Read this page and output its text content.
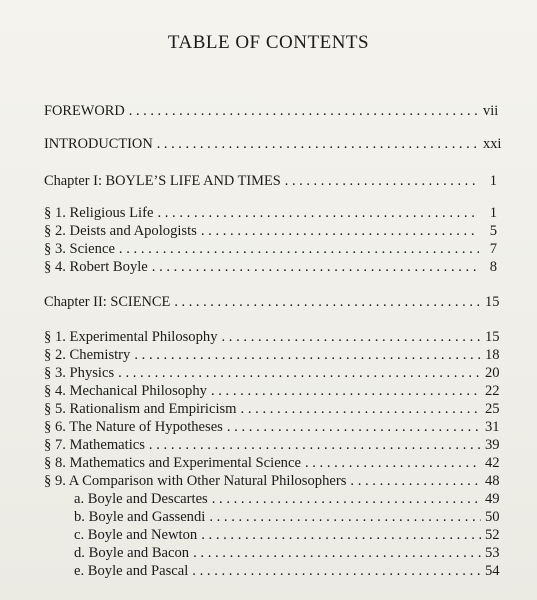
TABLE OF CONTENTS
FOREWORD . . .	vii
INTRODUCTION . . .	xxi
Chapter I: BOYLE’S LIFE AND TIMES . . .	1
§ 1. Religious Life . . .	1
§ 2. Deists and Apologists . . .	5
§ 3. Science . . .	7
§ 4. Robert Boyle . . .	8
Chapter II: SCIENCE . . .	15
§ 1. Experimental Philosophy . . .	15
§ 2. Chemistry . . .	18
§ 3. Physics . . .	20
§ 4. Mechanical Philosophy . . .	22
§ 5. Rationalism and Empiricism . . .	25
§ 6. The Nature of Hypotheses . . .	31
§ 7. Mathematics . . .	39
§ 8. Mathematics and Experimental Science . . .	42
§ 9. A Comparison with Other Natural Philosophers . . .	48
a. Boyle and Descartes . . .	49
b. Boyle and Gassendi . . .	50
c. Boyle and Newton . . .	52
d. Boyle and Bacon . . .	53
e. Boyle and Pascal . . .	54
